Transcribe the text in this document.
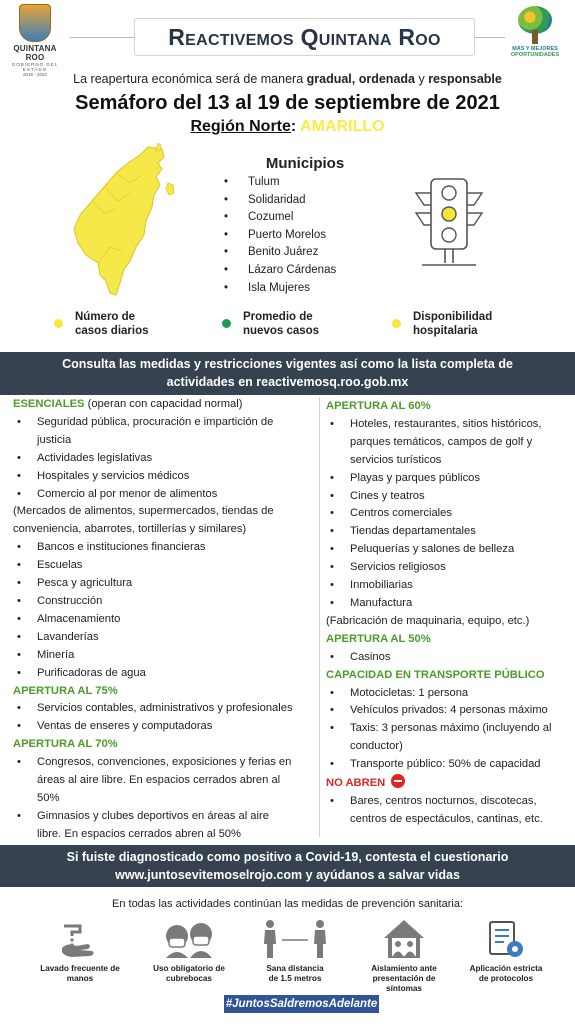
QUINTANA ROO
GOBIERNO DEL ESTADO
2016 - 2022
Reactivemos Quintana Roo	MÁS Y MEJORES
OPORTUNIDADES
La reapertura económica será de manera gradual, ordenada y responsable
Semáforo del 13 al 19 de septiembre de 2021
Región Norte: AMARILLO
Municipios
• Tulum
• Solidaridad
• Cozumel
• Puerto Morelos
• Benito Juárez
• Lázaro Cárdenas
• Isla Mujeres
Número de
casos diarios
Promedio de
nuevos casos
Disponibilidad
hospitalaria
Consulta las medidas y restricciones vigentes así como la lista completa de
actividades en reactivemosq.roo.gob.mx
ESENCIALES (operan con capacidad normal)
• Seguridad pública, procuración e impartición de
justicia
• Actividades legislativas
• Hospitales y servicios médicos
• Comercio al por menor de alimentos
(Mercados de alimentos, supermercados, tiendas de
conveniencia, abarrotes, tortillerías y similares)
• Bancos e instituciones financieras
• Escuelas
• Pesca y agricultura
• Construcción
• Almacenamiento
• Lavanderías
• Minería
• Purificadoras de agua
APERTURA AL 75%
• Servicios contables, administrativos y profesionales
• Ventas de enseres y computadoras
APERTURA AL 70%
• Congresos, convenciones, exposiciones y ferias en
áreas al aire libre. En espacios cerrados abren al
50%
• Gimnasios y clubes deportivos en áreas al aire
libre. En espacios cerrados abren al 50%
APERTURA AL 60%
• Hoteles, restaurantes, sitios históricos,
parques temáticos, campos de golf y
servicios turísticos
• Playas y parques públicos
• Cines y teatros
• Centros comerciales
• Tiendas departamentales
• Peluquerías y salones de belleza
• Servicios religiosos
• Inmobiliarias
• Manufactura
(Fabricación de maquinaria, equipo, etc.)
APERTURA AL 50%
• Casinos
CAPACIDAD EN TRANSPORTE PÚBLICO
• Motocicletas: 1 persona
• Vehículos privados: 4 personas máximo
• Taxis: 3 personas máximo (incluyendo al
conductor)
• Transporte público: 50% de capacidad
NO ABREN
• Bares, centros nocturnos, discotecas,
centros de espectáculos, cantinas, etc.
Si fuiste diagnosticado como positivo a Covid-19, contesta el cuestionario
www.juntosevitemoselrojo.com y ayúdanos a salvar vidas
En todas las actividades continúan las medidas de prevención sanitaria:
Lavado frecuente de
manos
Uso obligatorio de
cubrebocas
Sana distancia
de 1.5 metros
Aislamiento ante
presentación de
síntomas
Aplicación estricta
de protocolos
#JuntosSaldremosAdelante
